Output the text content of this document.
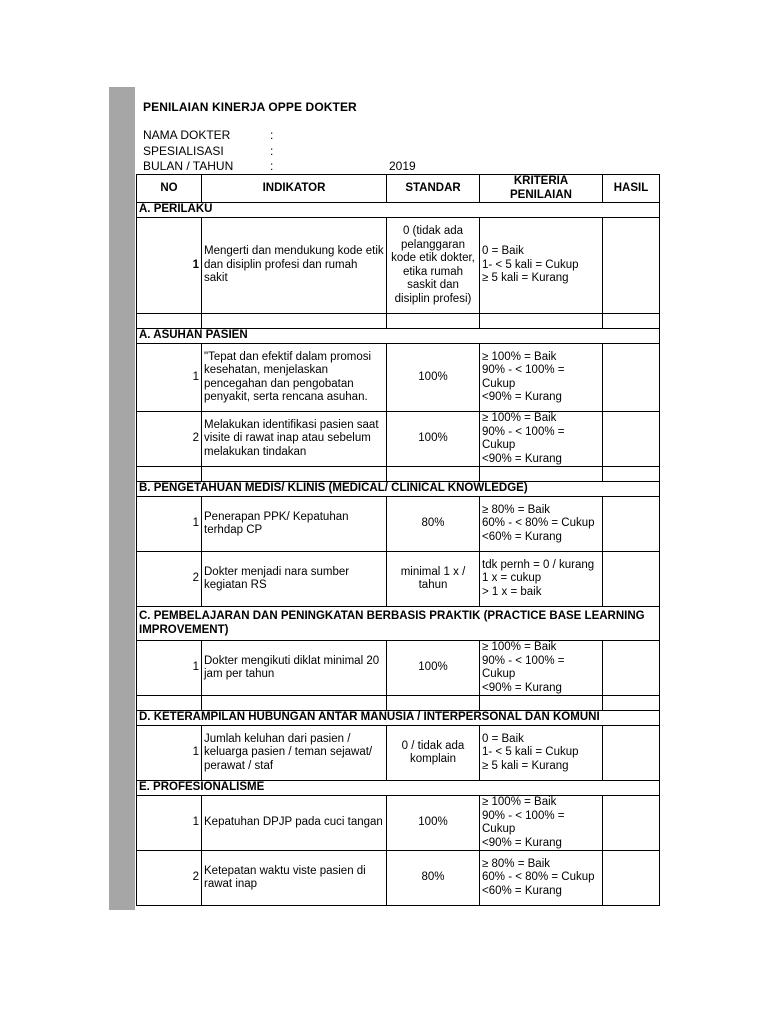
PENILAIAN KINERJA OPPE DOKTER
NAMA DOKTER	:
SPESIALISASI	:
BULAN / TAHUN	:	2019
NO	INDIKATOR	STANDAR	KRITERIA PENILAIAN	HASIL
A. PERILAKU				
1	Mengerti dan mendukung kode etik dan disiplin profesi dan rumah sakit	0 (tidak ada pelanggaran kode etik dokter, etika rumah saskit dan disiplin profesi)	0 = Baik
1- < 5 kali = Cukup
≥ 5 kali = Kurang	

A. ASUHAN PASIEN				
1	"Tepat dan efektif dalam promosi kesehatan, menjelaskan pencegahan dan pengobatan penyakit, serta rencana asuhan.	100%	≥ 100% = Baik
90% - < 100% = Cukup
<90% = Kurang	
2	Melakukan identifikasi pasien saat visite di rawat inap atau sebelum melakukan tindakan	100%	≥ 100% = Baik
90% - < 100% = Cukup
<90% = Kurang	

B. PENGETAHUAN MEDIS/ KLINIS (MEDICAL/ CLINICAL KNOWLEDGE)				
1	Penerapan PPK/ Kepatuhan terhdap CP	80%	≥ 80% = Baik
60% - < 80% = Cukup
<60% = Kurang	
2	Dokter menjadi nara sumber kegiatan RS	minimal 1 x / tahun	tdk pernh = 0 / kurang
1 x = cukup
> 1 x = baik	
C. PEMBELAJARAN DAN PENINGKATAN BERBASIS PRAKTIK (PRACTICE BASE LEARNING IMPROVEMENT)				
1	Dokter mengikuti diklat minimal 20 jam per tahun	100%	≥ 100% = Baik
90% - < 100% = Cukup
<90% = Kurang	

D. KETERAMPILAN HUBUNGAN ANTAR MANUSIA / INTERPERSONAL DAN KOMUNI				
1	Jumlah keluhan dari pasien / keluarga pasien / teman sejawat/ perawat / staf	0 / tidak ada komplain	0 = Baik
1- < 5 kali = Cukup
≥ 5 kali = Kurang	
E. PROFESIONALISME				
1	Kepatuhan DPJP pada cuci tangan	100%	≥ 100% = Baik
90% - < 100% = Cukup
<90% = Kurang	
2	Ketepatan waktu viste pasien di rawat inap	80%	≥ 80% = Baik
60% - < 80% = Cukup
<60% = Kurang	
